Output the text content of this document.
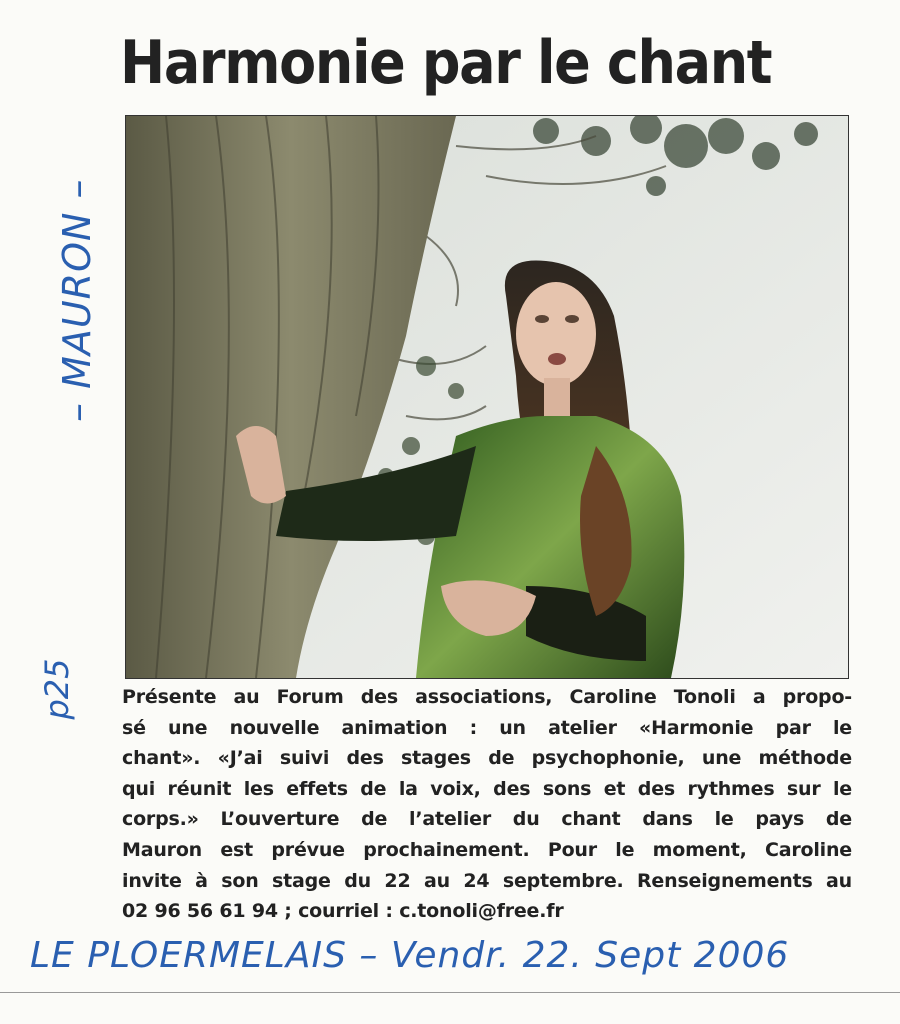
Harmonie par le chant
Présente au Forum des associations, Caroline Tonoli a propo-
sé une nouvelle animation : un atelier «Harmonie par le
chant». «J’ai suivi des stages de psychophonie, une méthode
qui réunit les effets de la voix, des sons et des rythmes sur le
corps.» L’ouverture de l’atelier du chant dans le pays de
Mauron est prévue prochainement. Pour le moment, Caroline
invite à son stage du 22 au 24 septembre. Renseignements au
02 96 56 61 94 ; courriel : c.tonoli@free.fr
– MAURON –
p25
LE PLOERMELAIS – Vendr. 22. Sept 2006
